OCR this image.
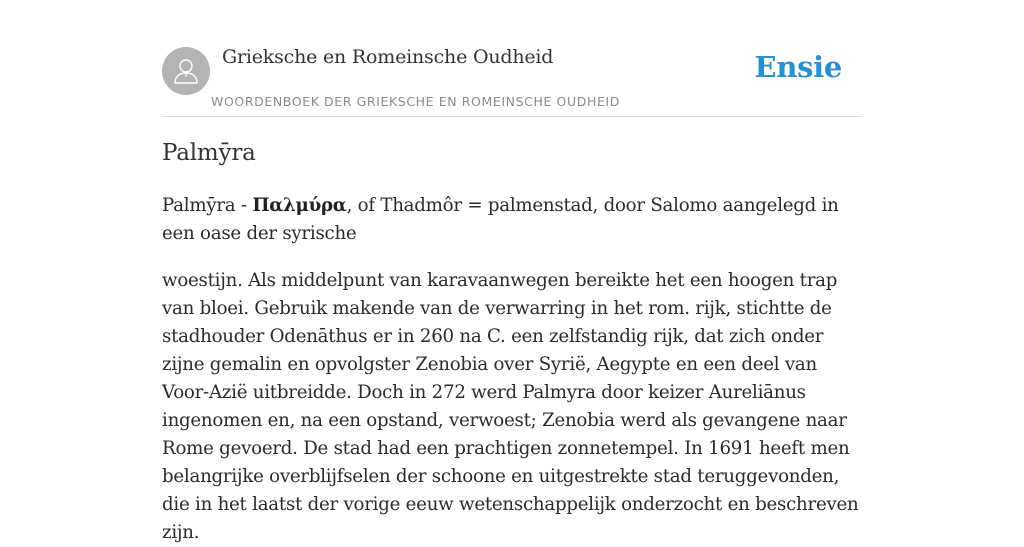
Grieksche en Romeinsche Oudheid
WOORDENBOEK DER GRIEKSCHE EN ROMEINSCHE OUDHEID
Ensie
Palmȳra

Palmȳra - Παλμύρα, of Thadmôr = palmenstad, door Salomo aangelegd in een oase der syrische

woestijn. Als middelpunt van karavaanwegen bereikte het een hoogen trap van bloei. Gebruik makende van de verwarring in het rom. rijk, stichtte de stadhouder Odenāthus er in 260 na C. een zelfstandig rijk, dat zich onder zijne gemalin en opvolgster Zenobia over Syrië, Aegypte en een deel van Voor-Azië uitbreidde. Doch in 272 werd Palmyra door keizer Aureliānus ingenomen en, na een opstand, verwoest; Zenobia werd als gevangene naar Rome gevoerd. De stad had een prachtigen zonnetempel. In 1691 heeft men belangrijke overblijfselen der schoone en uitgestrekte stad teruggevonden, die in het laatst der vorige eeuw wetenschappelijk onderzocht en beschreven zijn.
